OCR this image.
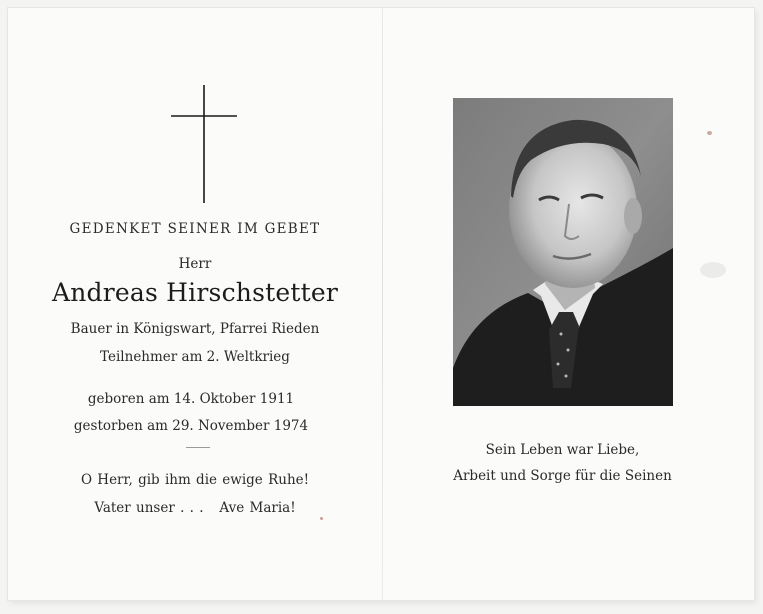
GEDENKET SEINER IM GEBET
Herr
Andreas Hirschstetter
Bauer in Königswart, Pfarrei Rieden
Teilnehmer am 2. Weltkrieg
geboren am 14. Oktober 1911
gestorben am 29. November 1974
O Herr, gib ihm die ewige Ruhe!
Vater unser . . .   Ave Maria!
Sein Leben war Liebe,
Arbeit und Sorge für die Seinen
